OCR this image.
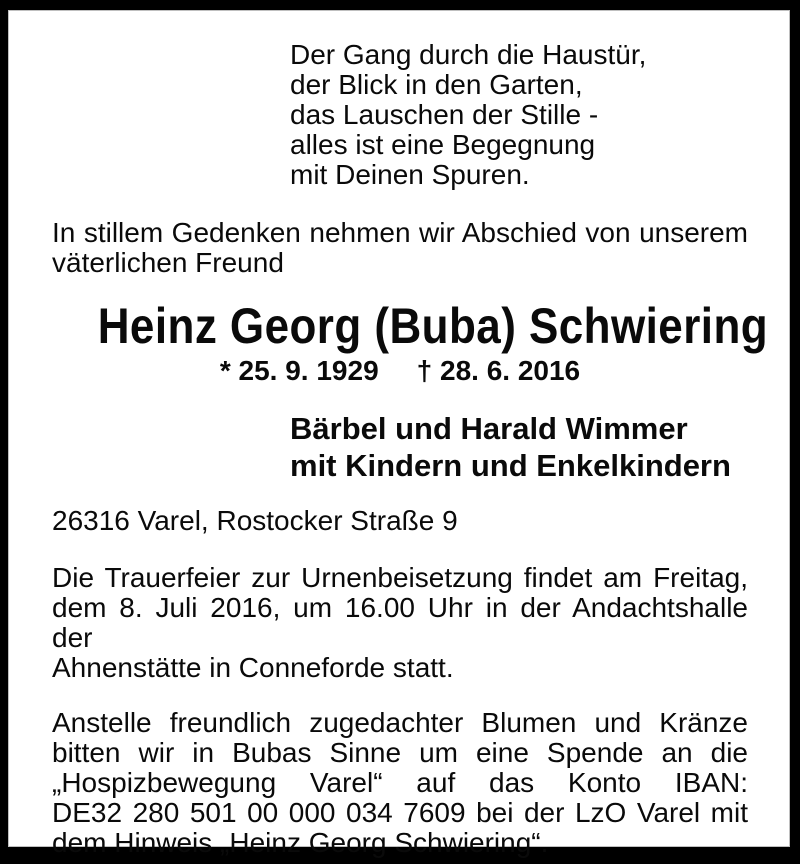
Der Gang durch die Haustür,
der Blick in den Garten,
das Lauschen der Stille -
alles ist eine Begegnung
mit Deinen Spuren.
In stillem Gedenken nehmen wir Abschied von unserem
väterlichen Freund
Heinz Georg (Buba) Schwiering
* 25. 9. 1929 † 28. 6. 2016
Bärbel und Harald Wimmer
mit Kindern und Enkelkindern
26316 Varel, Rostocker Straße 9
Die Trauerfeier zur Urnenbeisetzung findet am Freitag,
dem 8. Juli 2016, um 16.00 Uhr in der Andachtshalle der
Ahnenstätte in Conneforde statt.
Anstelle freundlich zugedachter Blumen und Kränze
bitten wir in Bubas Sinne um eine Spende an die
„Hospizbewegung Varel“ auf das Konto IBAN:
DE32 280 501 00 000 034 7609 bei der LzO Varel mit
dem Hinweis „Heinz Georg Schwiering“.
